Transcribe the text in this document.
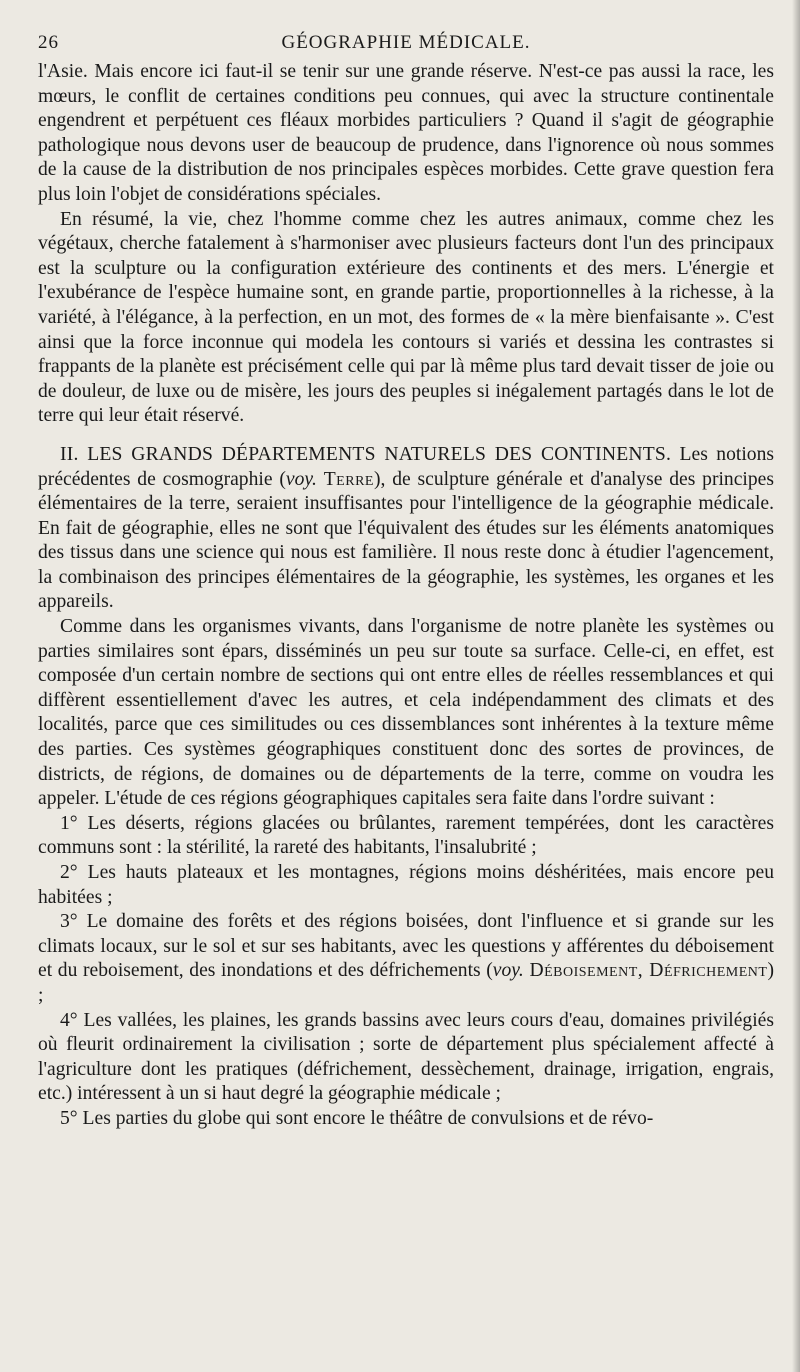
26	GÉOGRAPHIE MÉDICALE.

l'Asie. Mais encore ici faut-il se tenir sur une grande réserve. N'est-ce pas aussi la race, les mœurs, le conflit de certaines conditions peu connues, qui avec la structure continentale engendrent et perpétuent ces fléaux morbides particuliers ? Quand il s'agit de géographie pathologique nous devons user de beaucoup de prudence, dans l'ignorence où nous sommes de la cause de la distribution de nos principales espèces morbides. Cette grave question fera plus loin l'objet de considérations spéciales.

En résumé, la vie, chez l'homme comme chez les autres animaux, comme chez les végétaux, cherche fatalement à s'harmoniser avec plusieurs facteurs dont l'un des principaux est la sculpture ou la configuration extérieure des continents et des mers. L'énergie et l'exubérance de l'espèce humaine sont, en grande partie, proportionnelles à la richesse, à la variété, à l'élégance, à la perfection, en un mot, des formes de « la mère bienfaisante ». C'est ainsi que la force inconnue qui modela les contours si variés et dessina les contrastes si frappants de la planète est précisément celle qui par là même plus tard devait tisser de joie ou de douleur, de luxe ou de misère, les jours des peuples si inégalement partagés dans le lot de terre qui leur était réservé.

II. LES GRANDS DÉPARTEMENTS NATURELS DES CONTINENTS. Les notions précédentes de cosmographie (voy. Terre), de sculpture générale et d'analyse des principes élémentaires de la terre, seraient insuffisantes pour l'intelligence de la géographie médicale. En fait de géographie, elles ne sont que l'équivalent des études sur les éléments anatomiques des tissus dans une science qui nous est familière. Il nous reste donc à étudier l'agencement, la combinaison des principes élémentaires de la géographie, les systèmes, les organes et les appareils.

Comme dans les organismes vivants, dans l'organisme de notre planète les systèmes ou parties similaires sont épars, disséminés un peu sur toute sa surface. Celle-ci, en effet, est composée d'un certain nombre de sections qui ont entre elles de réelles ressemblances et qui diffèrent essentiellement d'avec les autres, et cela indépendamment des climats et des localités, parce que ces similitudes ou ces dissemblances sont inhérentes à la texture même des parties. Ces systèmes géographiques constituent donc des sortes de provinces, de districts, de régions, de domaines ou de départements de la terre, comme on voudra les appeler. L'étude de ces régions géographiques capitales sera faite dans l'ordre suivant :

1° Les déserts, régions glacées ou brûlantes, rarement tempérées, dont les caractères communs sont : la stérilité, la rareté des habitants, l'insalubrité ;

2° Les hauts plateaux et les montagnes, régions moins déshéritées, mais encore peu habitées ;

3° Le domaine des forêts et des régions boisées, dont l'influence et si grande sur les climats locaux, sur le sol et sur ses habitants, avec les questions y afférentes du déboisement et du reboisement, des inondations et des défrichements (voy. Déboisement, Défrichement) ;

4° Les vallées, les plaines, les grands bassins avec leurs cours d'eau, domaines privilégiés où fleurit ordinairement la civilisation ; sorte de département plus spécialement affecté à l'agriculture dont les pratiques (défrichement, dessèchement, drainage, irrigation, engrais, etc.) intéressent à un si haut degré la géographie médicale ;

5° Les parties du globe qui sont encore le théâtre de convulsions et de révo-
